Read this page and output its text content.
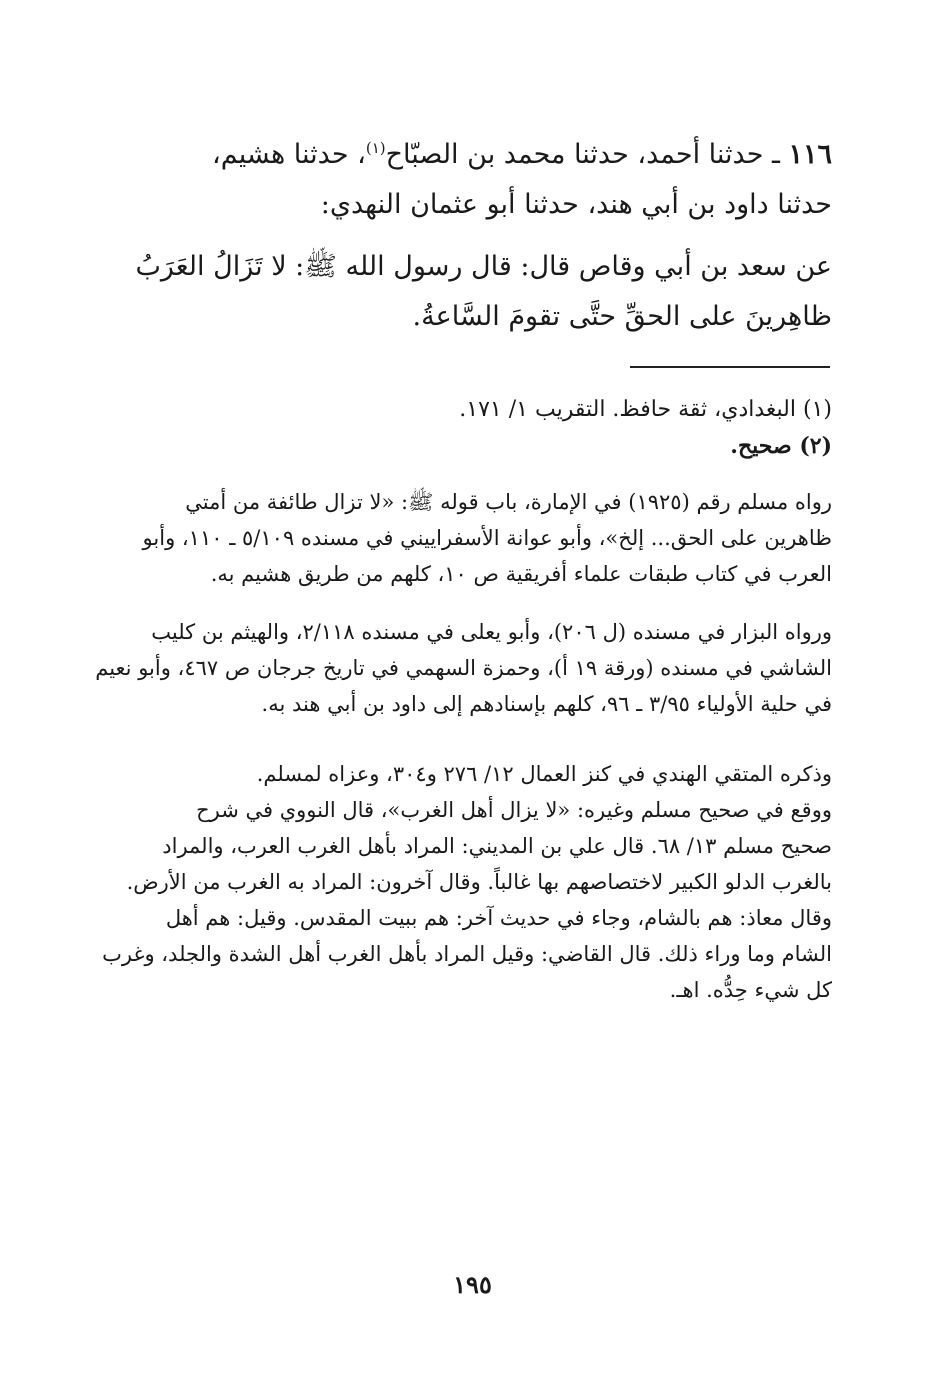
١١٦ ـ حدثنا أحمد، حدثنا محمد بن الصبّاح$^{(١)}$، حدثنا هشيم،
حدثنا داود بن أبي هند، حدثنا أبو عثمان النهدي:
عن سعد بن أبي وقاص قال: قال رسول الله ﷺ: لا تَزَالُ العَرَبُ
ظاهِرينَ على الحقِّ حتَّى تقومَ السَّاعةُ.
(١) البغدادي، ثقة حافظ. التقريب ١/ ١٧١.
(٢) صحيح.
رواه مسلم رقم (١٩٢٥) في الإمارة، باب قوله ﷺ: «لا تزال طائفة من أمتي
ظاهرين على الحق... إلخ»، وأبو عوانة الأسفراييني في مسنده ٥/١٠٩ ـ ١١٠، وأبو
العرب في كتاب طبقات علماء أفريقية ص ١٠، كلهم من طريق هشيم به.
ورواه البزار في مسنده (ل ٢٠٦)، وأبو يعلى في مسنده ٢/١١٨، والهيثم بن كليب
الشاشي في مسنده (ورقة ١٩ أ)، وحمزة السهمي في تاريخ جرجان ص ٤٦٧، وأبو نعيم
في حلية الأولياء ٣/٩٥ ـ ٩٦، كلهم بإسنادهم إلى داود بن أبي هند به.
وذكره المتقي الهندي في كنز العمال ١٢/ ٢٧٦ و٣٠٤، وعزاه لمسلم.
ووقع في صحيح مسلم وغيره: «لا يزال أهل الغرب»، قال النووي في شرح
صحيح مسلم ١٣/ ٦٨. قال علي بن المديني: المراد بأهل الغرب العرب، والمراد
بالغرب الدلو الكبير لاختصاصهم بها غالباً. وقال آخرون: المراد به الغرب من الأرض.
وقال معاذ: هم بالشام، وجاء في حديث آخر: هم ببيت المقدس. وقيل: هم أهل
الشام وما وراء ذلك. قال القاضي: وقيل المراد بأهل الغرب أهل الشدة والجلد، وغرب
كل شيء حِدُّه. اهـ.
١٩٥
